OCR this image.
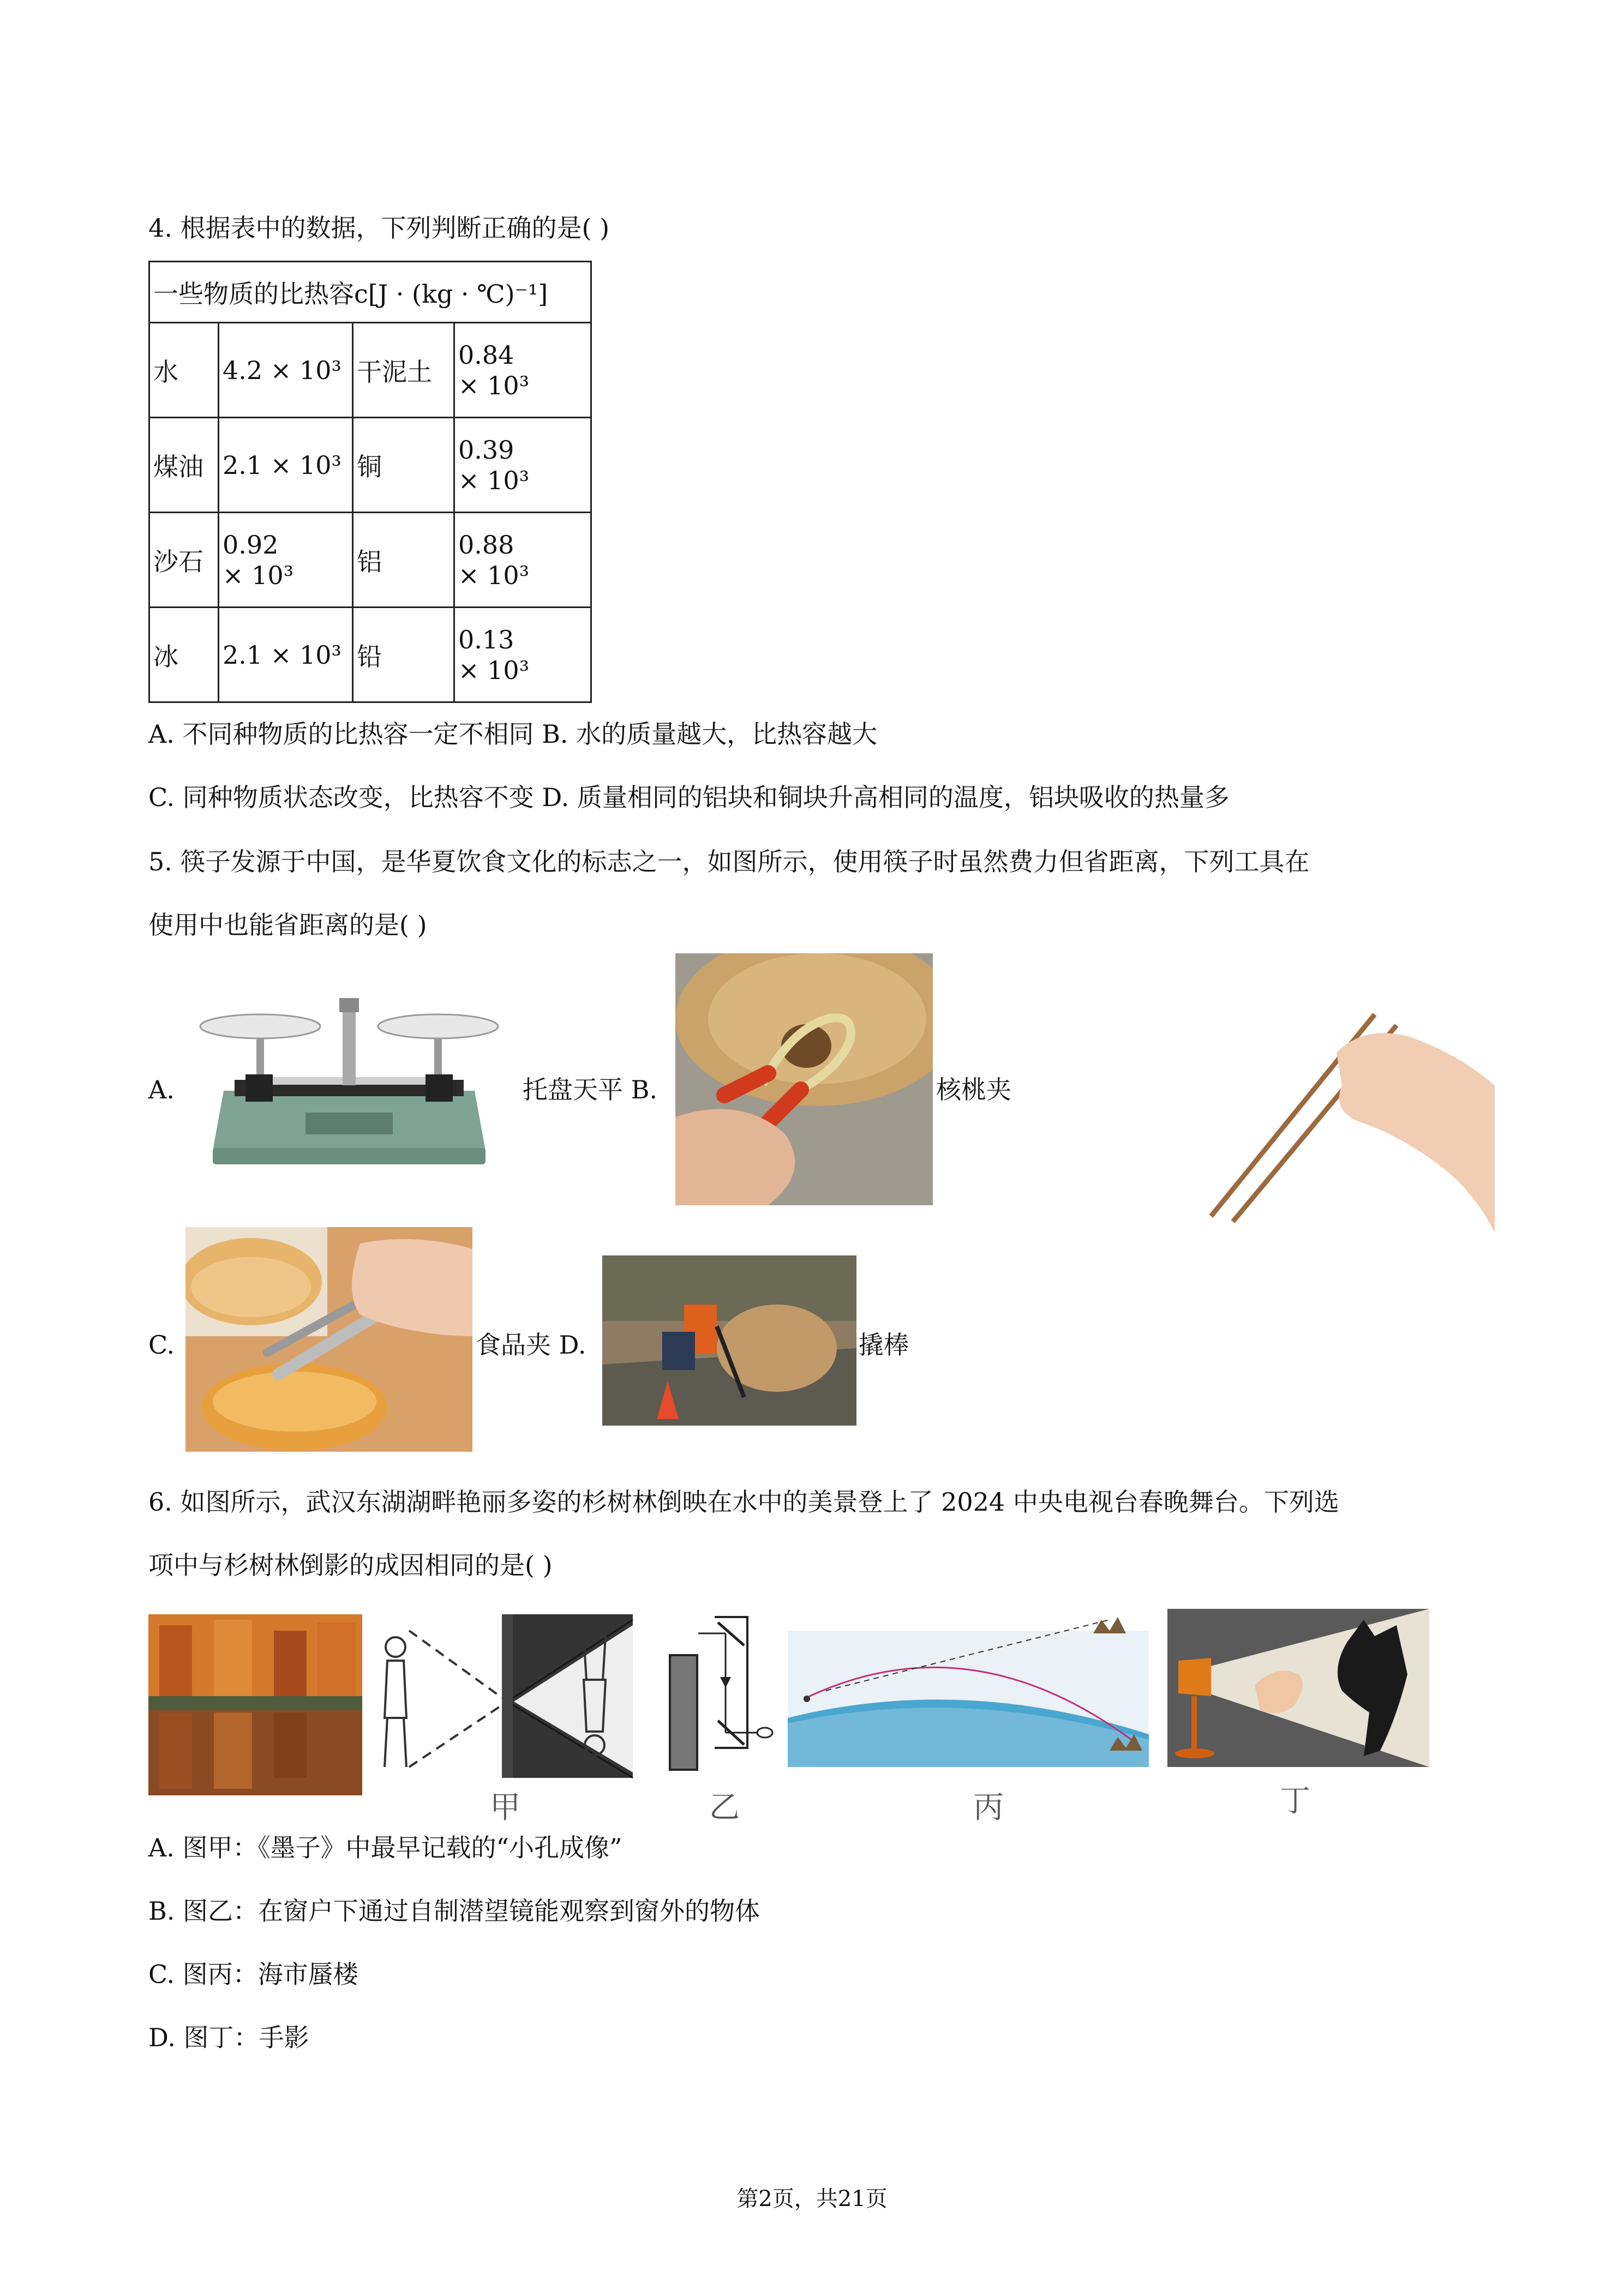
4. 根据表中的数据，下列判断正确的是( )
一些物质的比热容c[J · (kg · ℃)⁻¹]			
水	4.2 × 10³	干泥土	0.84
× 10³

煤油	2.1 × 10³	铜	0.39
× 10³

沙石	0.92
× 10³	铝	0.88
× 10³

冰	2.1 × 10³	铅	0.13
× 10³
A. 不同种物质的比热容一定不相同 B. 水的质量越大，比热容越大
C. 同种物质状态改变，比热容不变 D. 质量相同的铝块和铜块升高相同的温度，铝块吸收的热量多
5. 筷子发源于中国，是华夏饮食文化的标志之一，如图所示，使用筷子时虽然费力但省距离，下列工具在
使用中也能省距离的是( )
A.	托盘天平 B.	核桃夹
C.	食品夹 D.	撬棒
6. 如图所示，武汉东湖湖畔艳丽多姿的杉树林倒映在水中的美景登上了 2024 中央电视台春晚舞台。下列选
项中与杉树林倒影的成因相同的是( )
甲	乙	丙	丁
A. 图甲：《墨子》中最早记载的“小孔成像”
B. 图乙：在窗户下通过自制潜望镜能观察到窗外的物体
C. 图丙：海市蜃楼
D. 图丁：手影
第2页，共21页
